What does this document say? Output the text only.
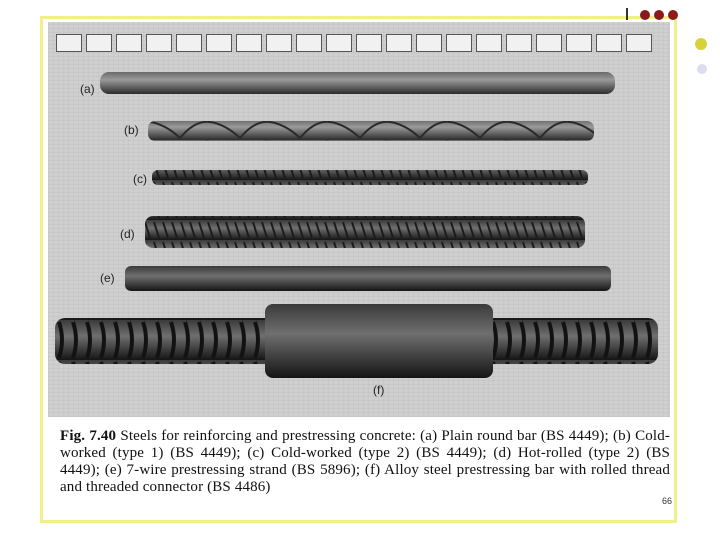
(a)
(b)
(c)
(d)
(e)
(f)
Fig. 7.40 Steels for reinforcing and prestressing concrete: (a) Plain round bar (BS 4449); (b) Cold-worked (type 1) (BS 4449); (c) Cold-worked (type 2) (BS 4449); (d) Hot-rolled (type 2) (BS 4449); (e) 7-wire prestressing strand (BS 5896); (f) Alloy steel prestressing bar with rolled thread and threaded connector (BS 4486)
66
